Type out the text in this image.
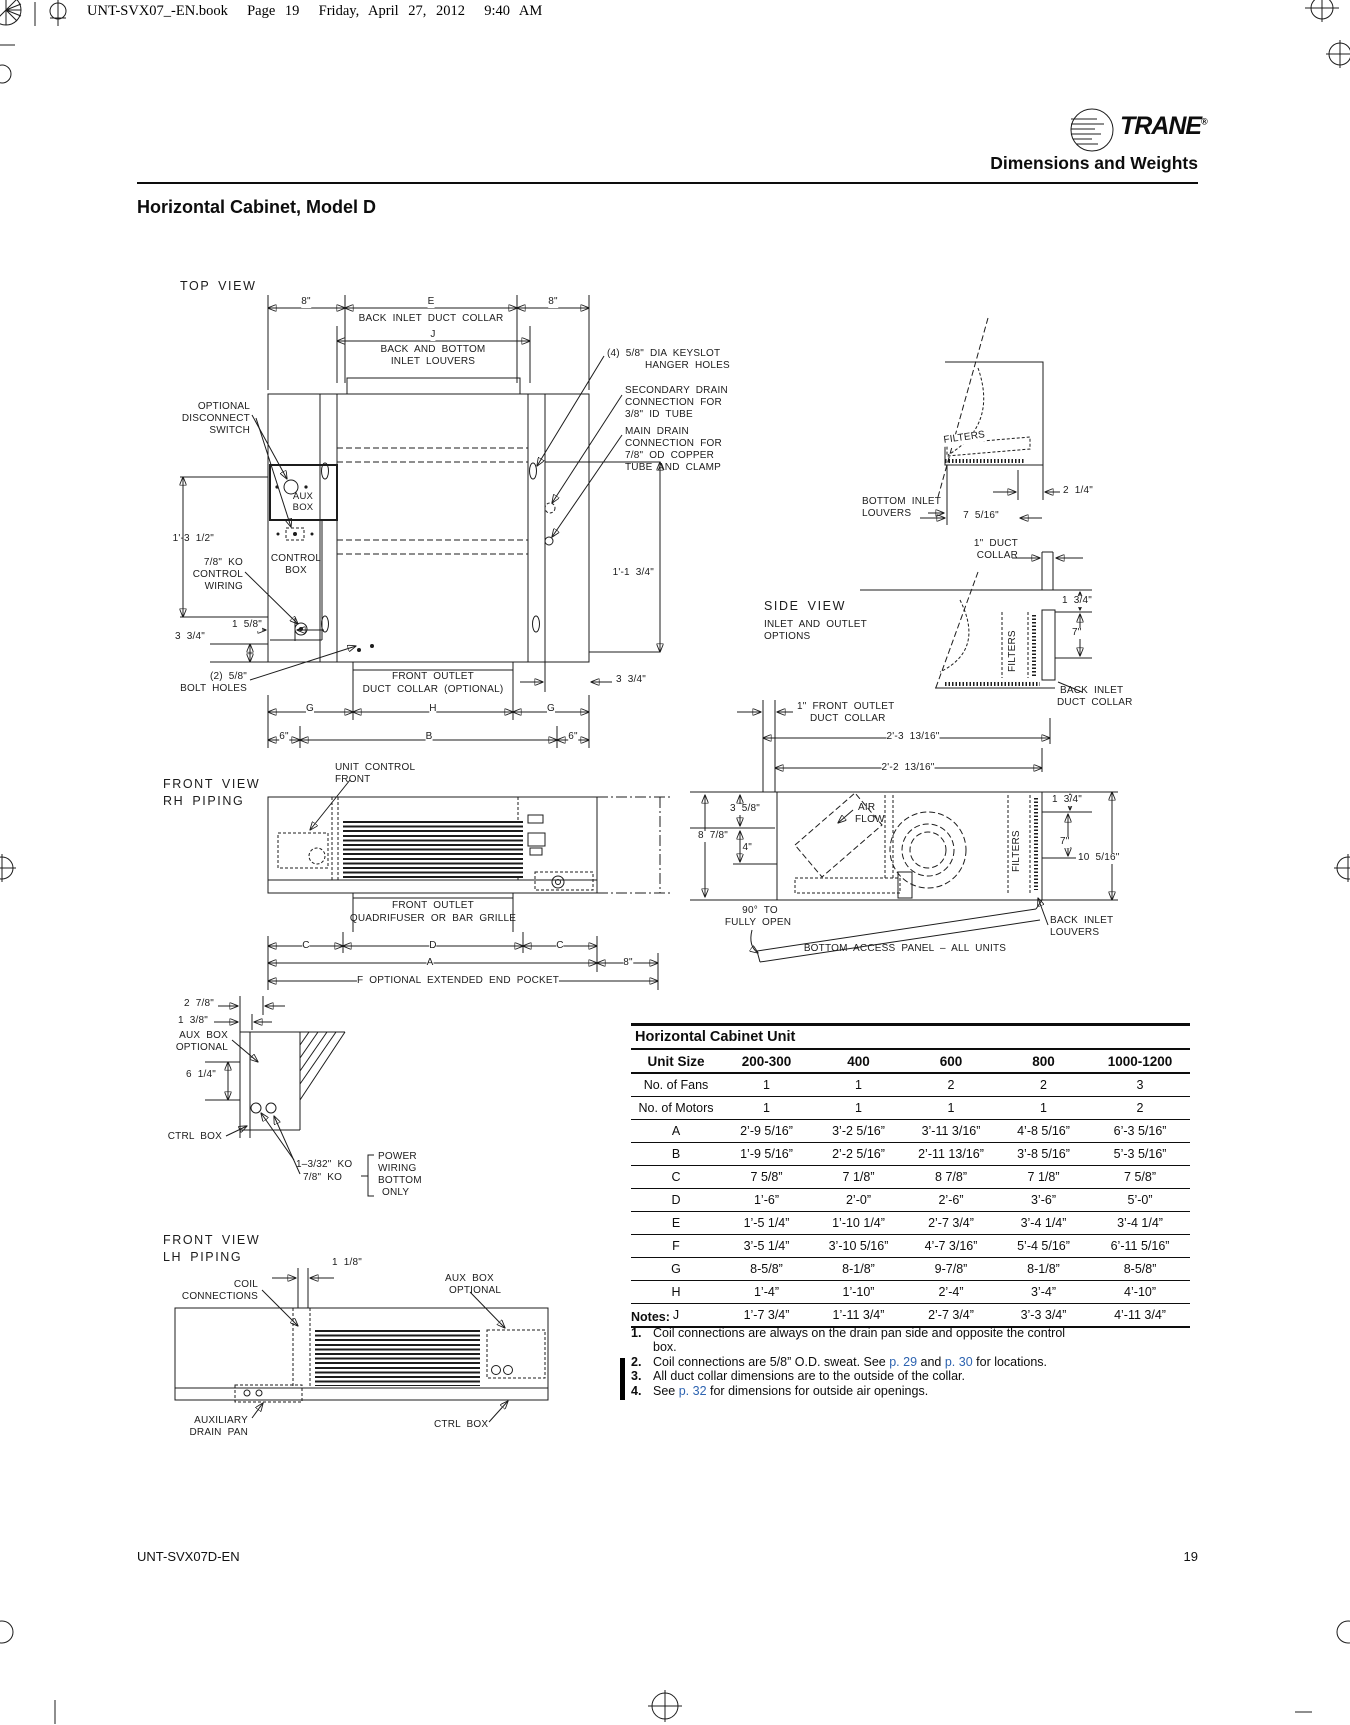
UNT-SVX07_-EN.book  Page 19  Friday, April 27, 2012  9:40 AM
TRANE®
Dimensions and Weights
Horizontal Cabinet, Model D
TOP VIEW
8"	E	8"
BACK INLET DUCT COLLAR
J
BACK AND BOTTOM
INLET LOUVERS
OPTIONAL
DISCONNECT
SWITCH
AUX
BOX
CONTROL
BOX
1'-3 1/2"
7/8" KO
CONTROL
WIRING
1 5/8"
3 3/4"
(2) 5/8"
BOLT HOLES
FRONT OUTLET
DUCT COLLAR (OPTIONAL)
3 3/4"
1'-1 3/4"
G	H	G
6"	B	6"
(4) 5/8" DIA KEYSLOT
HANGER HOLES
SECONDARY DRAIN
CONNECTION FOR
3/8" ID TUBE
MAIN DRAIN
CONNECTION FOR
7/8" OD COPPER
TUBE AND CLAMP
FILTERS
2 1/4"
BOTTOM INLET
LOUVERS	7 5/16"
1" DUCT
COLLAR
SIDE VIEW
INLET AND OUTLET
OPTIONS	FILTERS
1 3/4"
7"
BACK INLET
DUCT COLLAR
1" FRONT OUTLET
DUCT COLLAR
2'-3 13/16"
2'-2 13/16"
3 5/8"
8 7/8"
4"
AIR
FLOW
FILTERS
1 3/4"
7"
10 5/16"
90° TO
FULLY OPEN
BOTTOM ACCESS PANEL – ALL UNITS
BACK INLET
LOUVERS
UNIT CONTROL
FRONT
FRONT VIEW
RH PIPING
FRONT OUTLET
QUADRIFUSER OR BAR GRILLE
C	D	C
A	8"
F OPTIONAL EXTENDED END POCKET
2 7/8"
1 3/8"
AUX BOX
OPTIONAL
6 1/4"
CTRL BOX
1–3/32" KO
7/8" KO
POWER
WIRING
BOTTOM
ONLY
FRONT VIEW
LH PIPING	1 1/8"
COIL
CONNECTIONS
AUX BOX
OPTIONAL
AUXILIARY
DRAIN PAN
CTRL BOX
Horizontal Cabinet Unit					
Unit Size	200-300	400	600	800	1000-1200
No. of Fans	1	1	2	2	3
No. of Motors	1	1	1	1	2
A	2’-9 5/16”	3’-2 5/16”	3’-11 3/16”	4’-8 5/16”	6’-3 5/16”
B	1’-9 5/16”	2’-2 5/16”	2’-11 13/16”	3’-8 5/16”	5’-3 5/16”
C	7 5/8”	7 1/8”	8 7/8”	7 1/8”	7 5/8”
D	1’-6”	2’-0”	2’-6”	3’-6”	5’-0”
E	1’-5 1/4”	1’-10 1/4”	2’-7 3/4”	3’-4 1/4”	3’-4 1/4”
F	3’-5 1/4”	3’-10 5/16”	4’-7 3/16”	5’-4 5/16”	6’-11 5/16”
G	8-5/8”	8-1/8”	9-7/8”	8-1/8”	8-5/8”
H	1’-4”	1’-10”	2’-4”	3’-4”	4’-10”
J	1’-7 3/4”	1’-11 3/4”	2’-7 3/4”	3’-3 3/4”	4’-11 3/4”
Notes:
1. Coil connections are always on the drain pan side and opposite the control
box.
2. Coil connections are 5/8” O.D. sweat. See p. 29 and p. 30 for locations.
3. All duct collar dimensions are to the outside of the collar.
4. See p. 32 for dimensions for outside air openings.
UNT-SVX07D-EN	19
